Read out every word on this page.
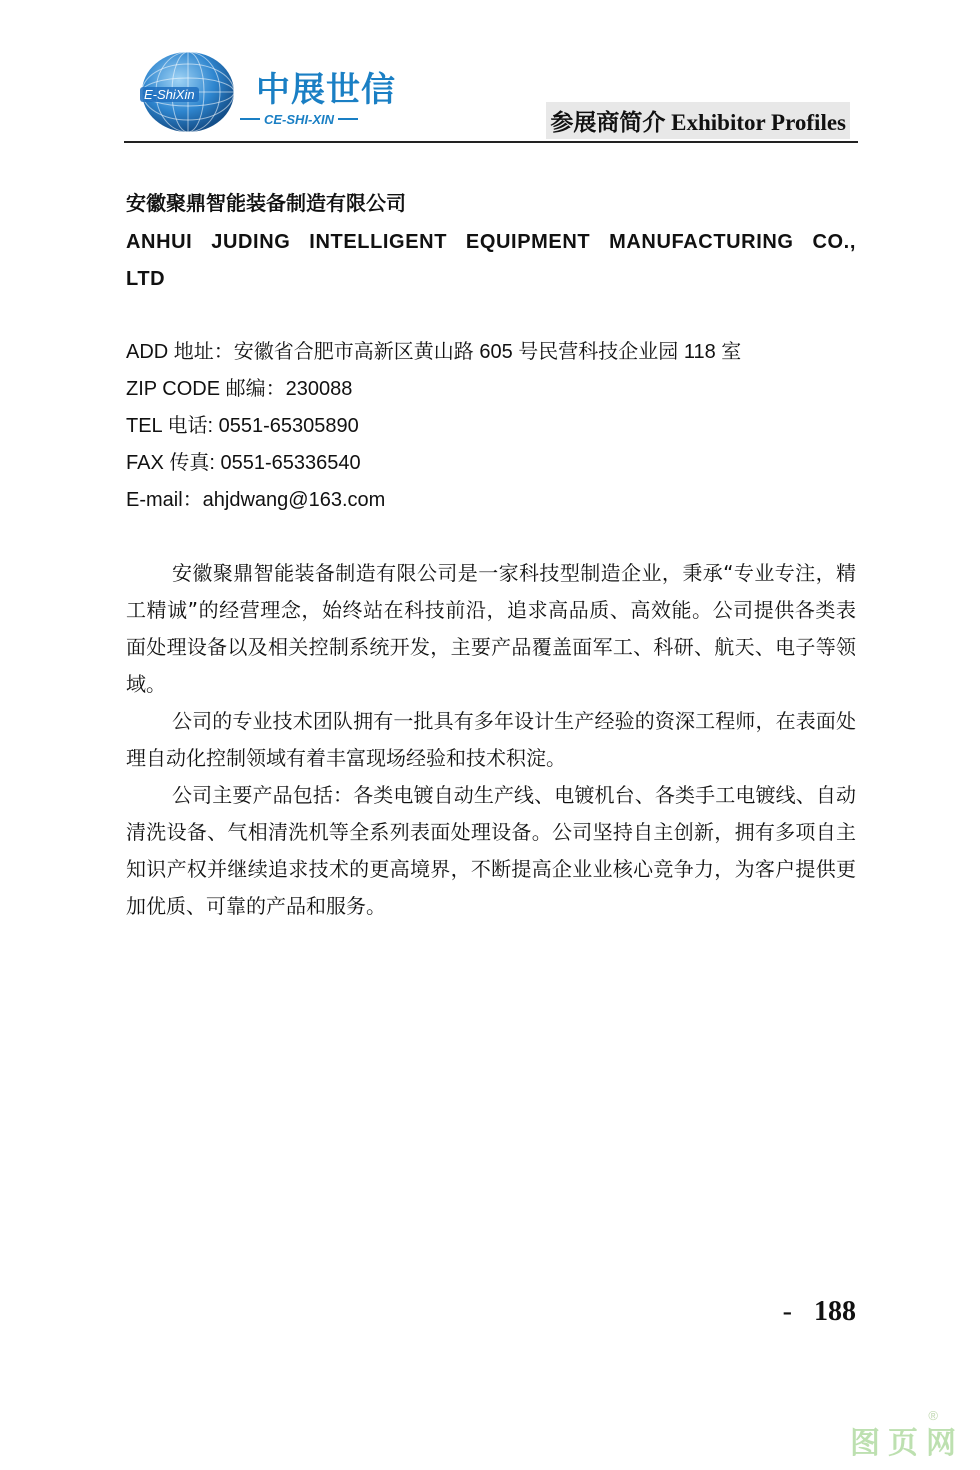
E-ShiXin 中展世信
CE-SHI-XIN	参展商简介 Exhibitor Profiles
安徽聚鼎智能装备制造有限公司
ANHUI JUDING INTELLIGENT EQUIPMENT MANUFACTURING CO., LTD
ADD 地址：安徽省合肥市高新区黄山路 605 号民营科技企业园 118 室
ZIP CODE 邮编：230088
TEL 电话: 0551-65305890
FAX 传真: 0551-65336540
E-mail：ahjdwang@163.com

安徽聚鼎智能装备制造有限公司是一家科技型制造企业，秉承“专业专注，精工精诚”的经营理念，始终站在科技前沿，追求高品质、高效能。公司提供各类表面处理设备以及相关控制系统开发，主要产品覆盖面军工、科研、航天、电子等领域。

公司的专业技术团队拥有一批具有多年设计生产经验的资深工程师，在表面处理自动化控制领域有着丰富现场经验和技术积淀。

公司主要产品包括：各类电镀自动生产线、电镀机台、各类手工电镀线、自动清洗设备、气相清洗机等全系列表面处理设备。公司坚持自主创新，拥有多项自主知识产权并继续追求技术的更高境界，不断提高企业业核心竞争力，为客户提供更加优质、可靠的产品和服务。

- 188
®
图页网
